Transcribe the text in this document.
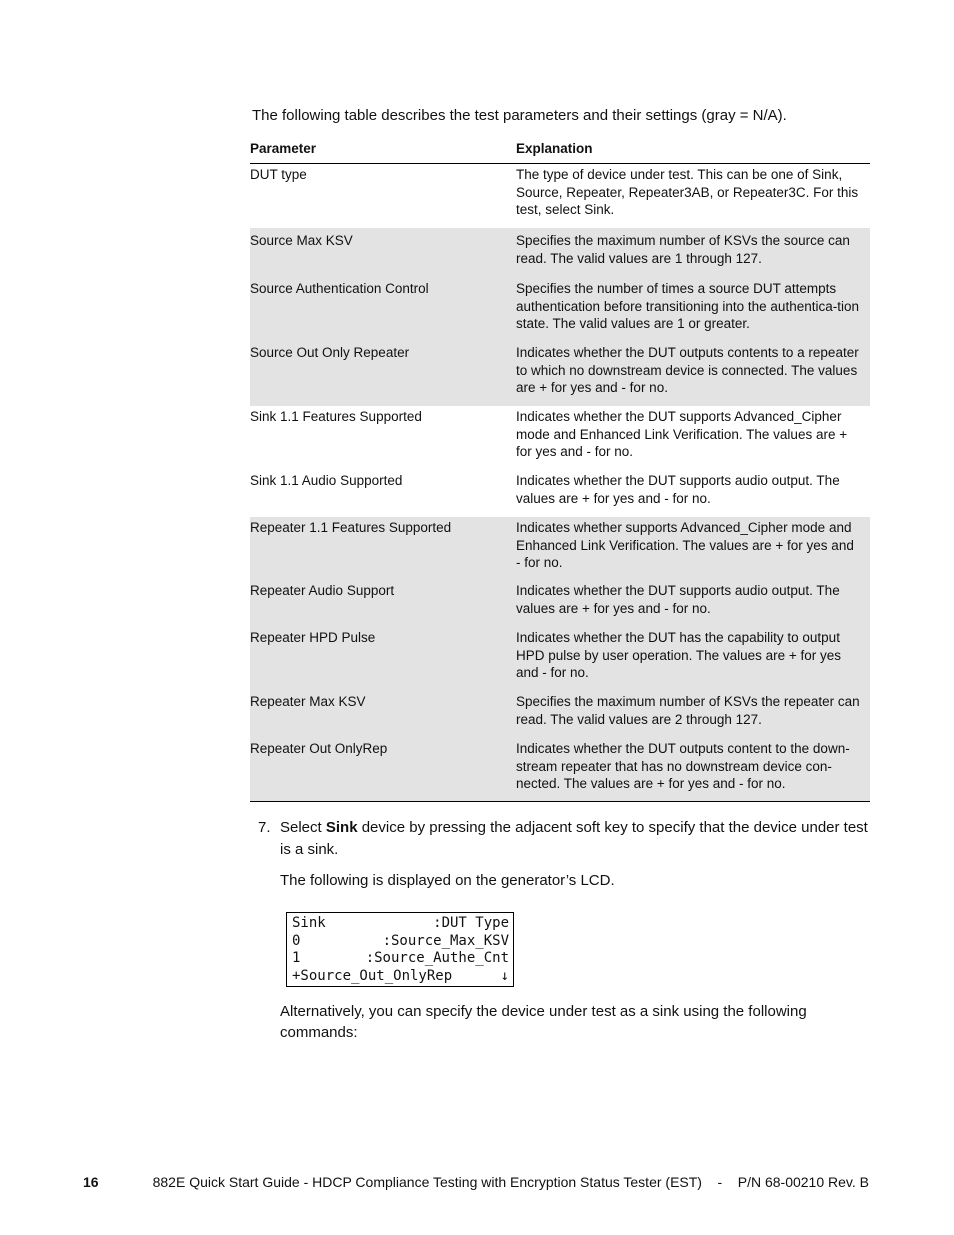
The following table describes the test parameters and their settings (gray = N/A).
Parameter	Explanation
DUT type	The type of device under test. This can be one of Sink, Source, Repeater, Repeater3AB, or Repeater3C. For this test, select Sink.
Source Max KSV	Specifies the maximum number of KSVs the source can read. The valid values are 1 through 127.
Source Authentication Control	Specifies the number of times a source DUT attempts authentication before transitioning into the authentica-tion state. The valid values are 1 or greater.
Source Out Only Repeater	Indicates whether the DUT outputs contents to a repeater to which no downstream device is connected. The values are + for yes and - for no.
Sink 1.1 Features Supported	Indicates whether the DUT supports Advanced_Cipher mode and Enhanced Link Verification. The values are + for yes and - for no.
Sink 1.1 Audio Supported	Indicates whether the DUT supports audio output. The values are + for yes and - for no.
Repeater 1.1 Features Supported	Indicates whether supports Advanced_Cipher mode and Enhanced Link Verification. The values are + for yes and - for no.
Repeater Audio Support	Indicates whether the DUT supports audio output. The values are + for yes and - for no.
Repeater HPD Pulse	Indicates whether the DUT has the capability to output HPD pulse by user operation. The values are + for yes and - for no.
Repeater Max KSV	Specifies the maximum number of KSVs the repeater can read. The valid values are 2 through 127.
Repeater Out OnlyRep	Indicates whether the DUT outputs content to the down-stream repeater that has no downstream device con-nected. The values are + for yes and - for no.
7. Select Sink device by pressing the adjacent soft key to specify that the device under test is a sink.
The following is displayed on the generator’s LCD.
Sink	:DUT Type
0	:Source_Max_KSV
1	:Source_Authe_Cnt
+Source_Out_OnlyRep	↓
Alternatively, you can specify the device under test as a sink using the following commands:
16	882E Quick Start Guide - HDCP Compliance Testing with Encryption Status Tester (EST)    -    P/N 68-00210 Rev. B
